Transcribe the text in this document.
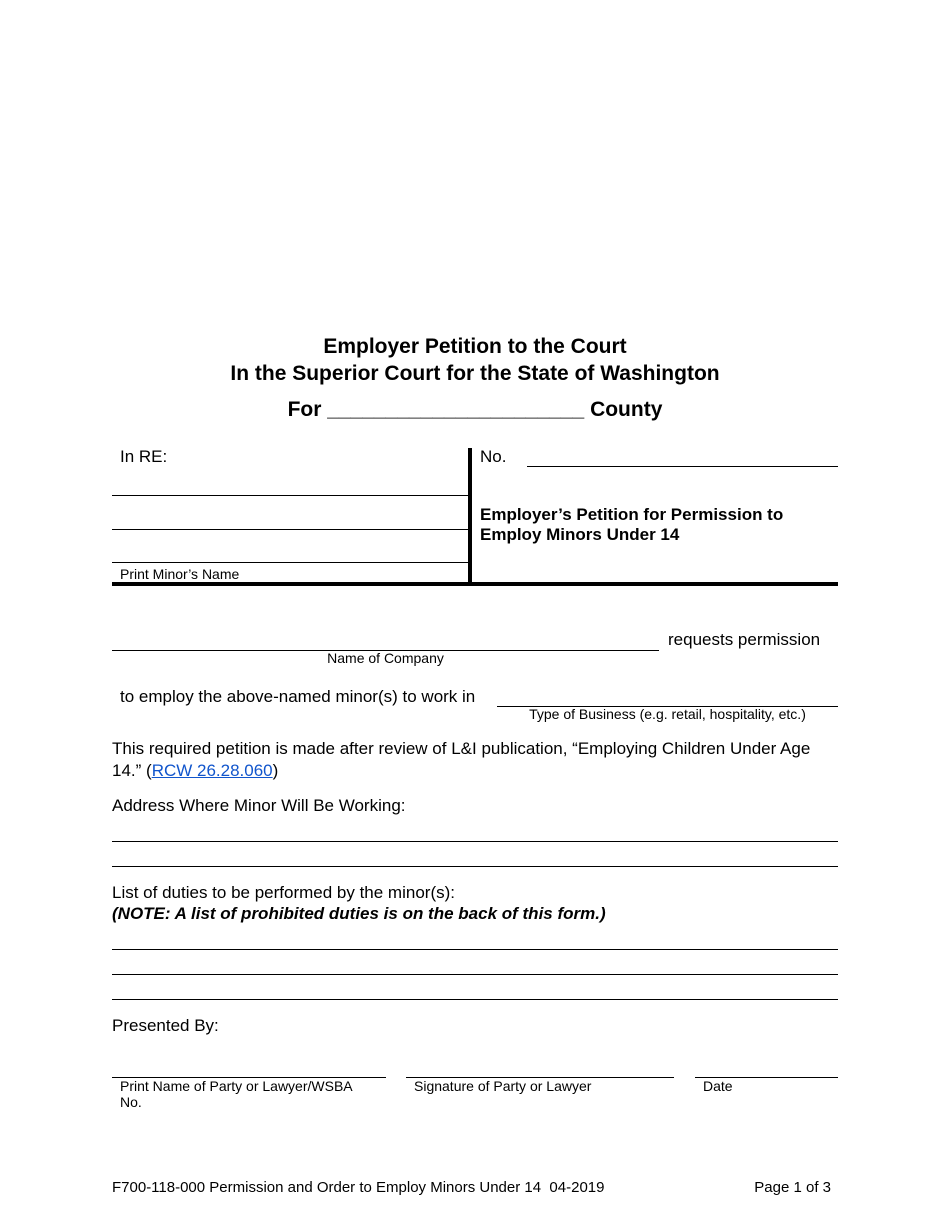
Employer Petition to the Court
In the Superior Court for the State of Washington
For ______________________ County
In RE:
Print Minor’s Name
No.
Employer’s Petition for Permission to
Employ Minors Under 14
requests permission
Name of Company
to employ the above-named minor(s) to work in
Type of Business (e.g. retail, hospitality, etc.)
This required petition is made after review of L&I publication, “Employing Children Under Age
14.” (RCW 26.28.060)
Address Where Minor Will Be Working:
List of duties to be performed by the minor(s):
(NOTE: A list of prohibited duties is on the back of this form.)
Presented By:
Print Name of Party or Lawyer/WSBA
No.
Signature of Party or Lawyer	Date
F700-118-000 Permission and Order to Employ Minors Under 14  04-2019	Page 1 of 3
